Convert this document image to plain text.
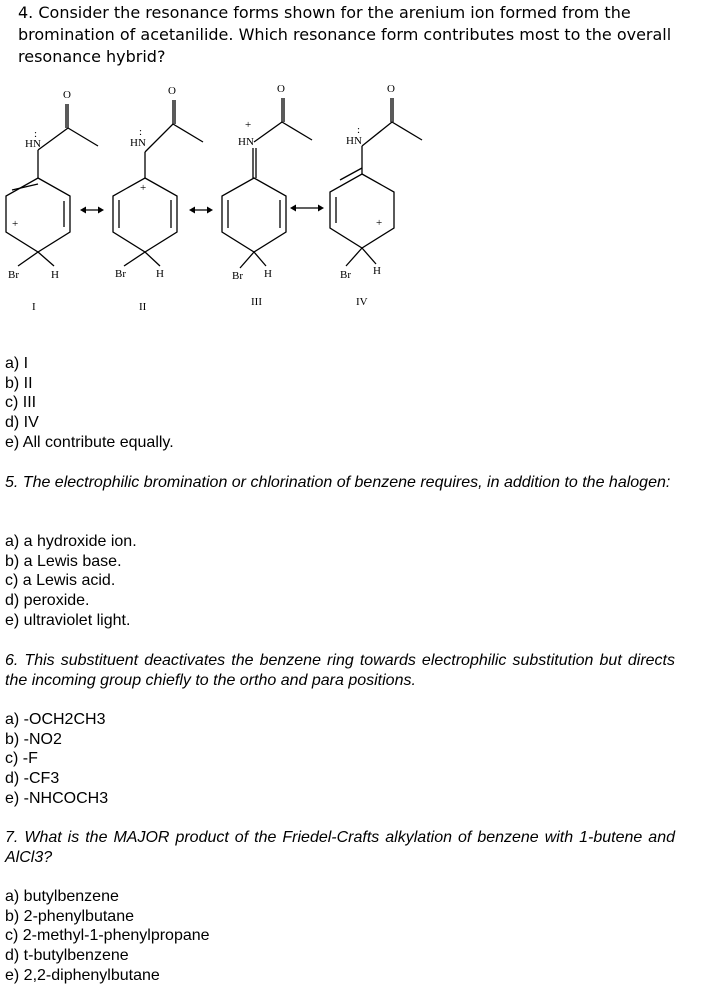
4. Consider the resonance forms shown for the arenium ion formed from the bromination of acetanilide. Which resonance form contributes most to the overall resonance hybrid?
:
HN
O
+
Br	H
I
:
HN
O
+
Br	H
II
+
HN
O
Br H
III
:
HN
O
+
Br H
IV
a) I
b) II
c) III
d) IV
e) All contribute equally.
5. The electrophilic bromination or chlorination of benzene requires, in addition to the halogen:
a) a hydroxide ion.
b) a Lewis base.
c) a Lewis acid.
d) peroxide.
e) ultraviolet light.
6. This substituent deactivates the benzene ring towards electrophilic substitution but directs the incoming group chiefly to the ortho and para positions.
a) -OCH2CH3
b) -NO2
c) -F
d) -CF3
e) -NHCOCH3
7. What is the MAJOR product of the Friedel-Crafts alkylation of benzene with 1-butene and AlCl3?
a) butylbenzene
b) 2-phenylbutane
c) 2-methyl-1-phenylpropane
d) t-butylbenzene
e) 2,2-diphenylbutane
